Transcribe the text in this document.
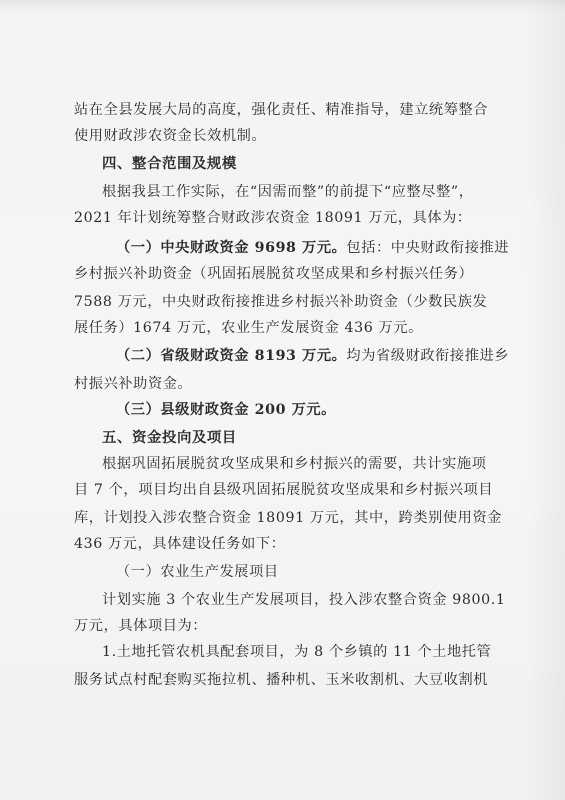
站在全县发展大局的高度，强化责任、精准指导，建立统筹整合
使用财政涉农资金长效机制。
四、整合范围及规模
根据我县工作实际，在“因需而整”的前提下“应整尽整”，
2021 年计划统筹整合财政涉农资金 18091 万元，具体为：
（一）中央财政资金 9698 万元。包括：中央财政衔接推进
乡村振兴补助资金（巩固拓展脱贫攻坚成果和乡村振兴任务）
7588 万元，中央财政衔接推进乡村振兴补助资金（少数民族发
展任务）1674 万元，农业生产发展资金 436 万元。
（二）省级财政资金 8193 万元。均为省级财政衔接推进乡
村振兴补助资金。
（三）县级财政资金 200 万元。
五、资金投向及项目
根据巩固拓展脱贫攻坚成果和乡村振兴的需要，共计实施项
目 7 个，项目均出自县级巩固拓展脱贫攻坚成果和乡村振兴项目
库，计划投入涉农整合资金 18091 万元，其中，跨类别使用资金
436 万元，具体建设任务如下：
（一）农业生产发展项目
计划实施 3 个农业生产发展项目，投入涉农整合资金 9800.1
万元，具体项目为：
1.土地托管农机具配套项目，为 8 个乡镇的 11 个土地托管
服务试点村配套购买拖拉机、播种机、玉米收割机、大豆收割机
